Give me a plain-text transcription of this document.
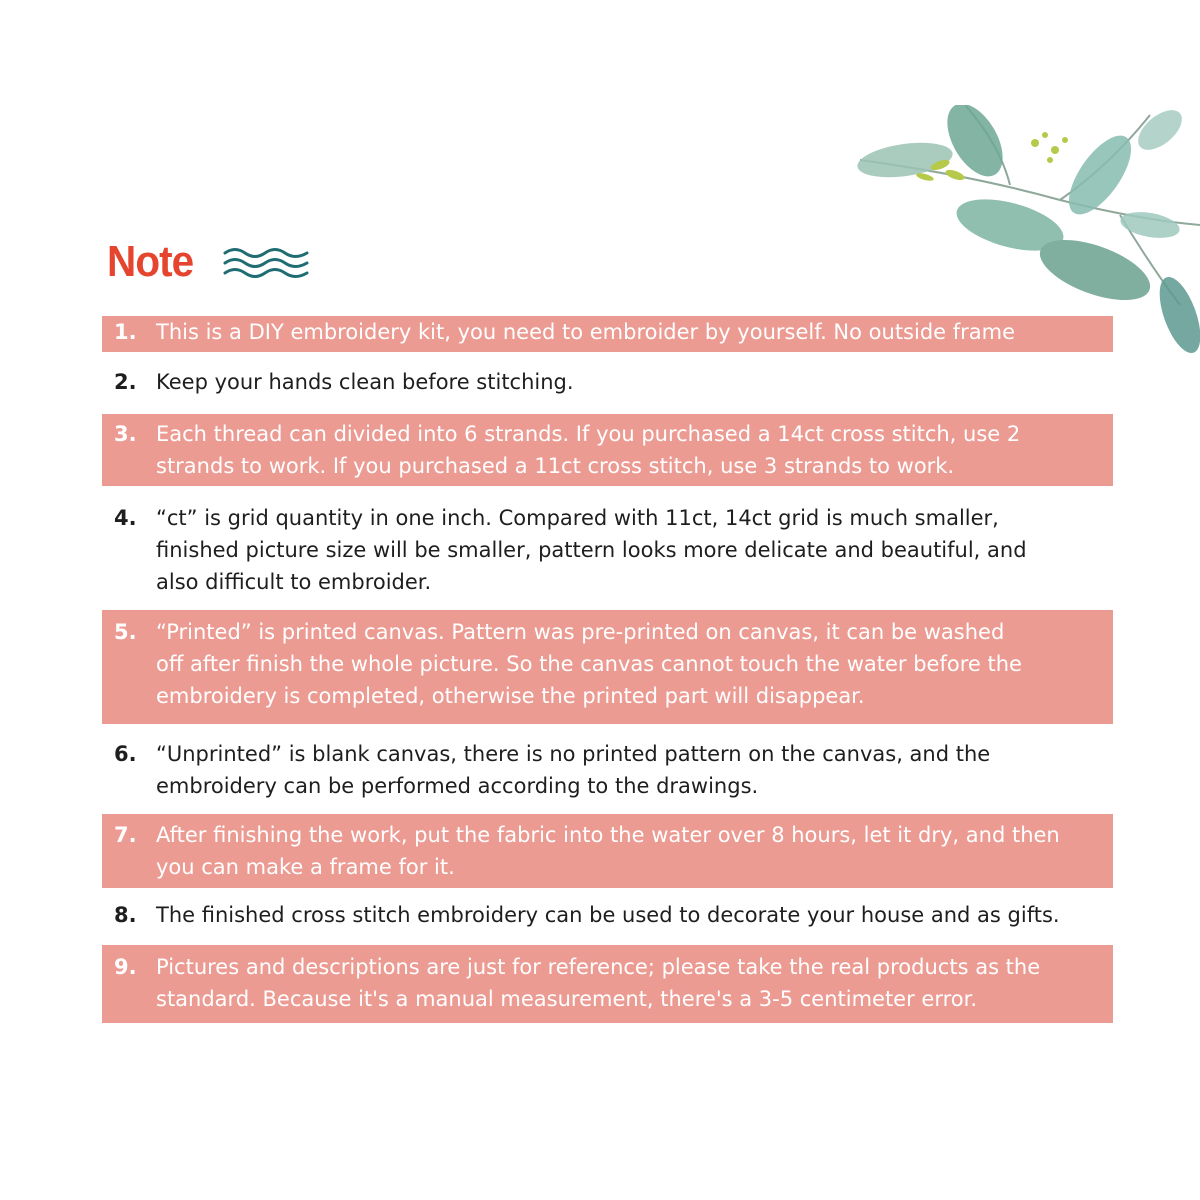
Note
1. This is a DIY embroidery kit, you need to embroider by yourself. No outside frame
2. Keep your hands clean before stitching.
3. Each thread can divided into 6 strands. If you purchased a 14ct cross stitch, use 2
strands to work. If you purchased a 11ct cross stitch, use 3 strands to work.
4. “ct” is grid quantity in one inch. Compared with 11ct, 14ct grid is much smaller,
finished picture size will be smaller, pattern looks more delicate and beautiful, and
also difficult to embroider.
5. “Printed” is printed canvas. Pattern was pre-printed on canvas, it can be washed
off after finish the whole picture. So the canvas cannot touch the water before the
embroidery is completed, otherwise the printed part will disappear.
6. “Unprinted” is blank canvas, there is no printed pattern on the canvas, and the
embroidery can be performed according to the drawings.
7. After finishing the work, put the fabric into the water over 8 hours, let it dry, and then
you can make a frame for it.
8. The finished cross stitch embroidery can be used to decorate your house and as gifts.
9. Pictures and descriptions are just for reference; please take the real products as the
standard. Because it's a manual measurement, there's a 3-5 centimeter error.
